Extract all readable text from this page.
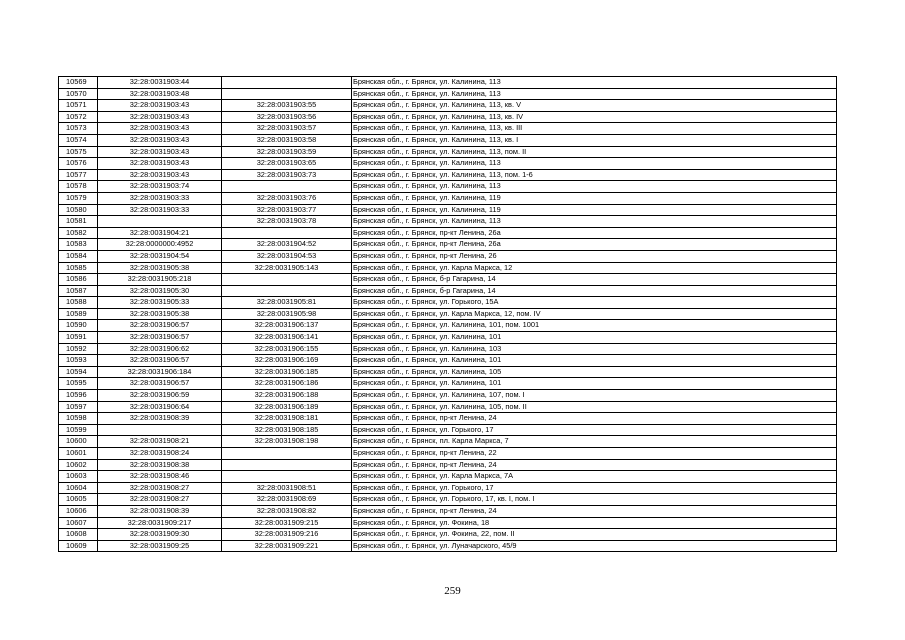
10569	32:28:0031903:44		Брянская обл., г. Брянск, ул. Калинина, 113
10570	32:28:0031903:48		Брянская обл., г. Брянск, ул. Калинина, 113
10571	32:28:0031903:43	32:28:0031903:55	Брянская обл., г. Брянск, ул. Калинина, 113, кв. V
10572	32:28:0031903:43	32:28:0031903:56	Брянская обл., г. Брянск, ул. Калинина, 113, кв. IV
10573	32:28:0031903:43	32:28:0031903:57	Брянская обл., г. Брянск, ул. Калинина, 113, кв. III
10574	32:28:0031903:43	32:28:0031903:58	Брянская обл., г. Брянск, ул. Калинина, 113, кв. I
10575	32:28:0031903:43	32:28:0031903:59	Брянская обл., г. Брянск, ул. Калинина, 113, пом. II
10576	32:28:0031903:43	32:28:0031903:65	Брянская обл., г. Брянск, ул. Калинина, 113
10577	32:28:0031903:43	32:28:0031903:73	Брянская обл., г. Брянск, ул. Калинина, 113, пом. 1-6
10578	32:28:0031903:74		Брянская обл., г. Брянск, ул. Калинина, 113
10579	32:28:0031903:33	32:28:0031903:76	Брянская обл., г. Брянск, ул. Калинина, 119
10580	32:28:0031903:33	32:28:0031903:77	Брянская обл., г. Брянск, ул. Калинина, 119
10581		32:28:0031903:78	Брянская обл., г. Брянск, ул. Калинина, 113
10582	32:28:0031904:21		Брянская обл., г. Брянск, пр-кт Ленина, 26а
10583	32:28:0000000:4952	32:28:0031904:52	Брянская обл., г. Брянск, пр-кт Ленина, 26а
10584	32:28:0031904:54	32:28:0031904:53	Брянская обл., г. Брянск, пр-кт Ленина, 26
10585	32:28:0031905:38	32:28:0031905:143	Брянская обл., г. Брянск, ул. Карла Маркса, 12
10586	32:28:0031905:218		Брянская обл., г. Брянск, б-р Гагарина, 14
10587	32:28:0031905:30		Брянская обл., г. Брянск, б-р Гагарина, 14
10588	32:28:0031905:33	32:28:0031905:81	Брянская обл., г. Брянск, ул. Горького, 15А
10589	32:28:0031905:38	32:28:0031905:98	Брянская обл., г. Брянск, ул. Карла Маркса, 12, пом. IV
10590	32:28:0031906:57	32:28:0031906:137	Брянская обл., г. Брянск, ул. Калинина, 101, пом. 1001
10591	32:28:0031906:57	32:28:0031906:141	Брянская обл., г. Брянск, ул. Калинина, 101
10592	32:28:0031906:62	32:28:0031906:155	Брянская обл., г. Брянск, ул. Калинина, 103
10593	32:28:0031906:57	32:28:0031906:169	Брянская обл., г. Брянск, ул. Калинина, 101
10594	32:28:0031906:184	32:28:0031906:185	Брянская обл., г. Брянск, ул. Калинина, 105
10595	32:28:0031906:57	32:28:0031906:186	Брянская обл., г. Брянск, ул. Калинина, 101
10596	32:28:0031906:59	32:28:0031906:188	Брянская обл., г. Брянск, ул. Калинина, 107, пом. I
10597	32:28:0031906:64	32:28:0031906:189	Брянская обл., г. Брянск, ул. Калинина, 105, пом. II
10598	32:28:0031908:39	32:28:0031908:181	Брянская обл., г. Брянск, пр-кт Ленина, 24
10599		32:28:0031908:185	Брянская обл., г. Брянск, ул. Горького, 17
10600	32:28:0031908:21	32:28:0031908:198	Брянская обл., г. Брянск, пл. Карла Маркса, 7
10601	32:28:0031908:24		Брянская обл., г. Брянск, пр-кт Ленина, 22
10602	32:28:0031908:38		Брянская обл., г. Брянск, пр-кт Ленина, 24
10603	32:28:0031908:46		Брянская обл., г. Брянск, ул. Карла Маркса, 7А
10604	32:28:0031908:27	32:28:0031908:51	Брянская обл., г. Брянск, ул. Горького, 17
10605	32:28:0031908:27	32:28:0031908:69	Брянская обл., г. Брянск, ул. Горького, 17, кв. I, пом. I
10606	32:28:0031908:39	32:28:0031908:82	Брянская обл., г. Брянск, пр-кт Ленина, 24
10607	32:28:0031909:217	32:28:0031909:215	Брянская обл., г. Брянск, ул. Фокина, 18
10608	32:28:0031909:30	32:28:0031909:216	Брянская обл., г. Брянск, ул. Фокина, 22, пом. II
10609	32:28:0031909:25	32:28:0031909:221	Брянская обл., г. Брянск, ул. Луначарского, 45/9
259
